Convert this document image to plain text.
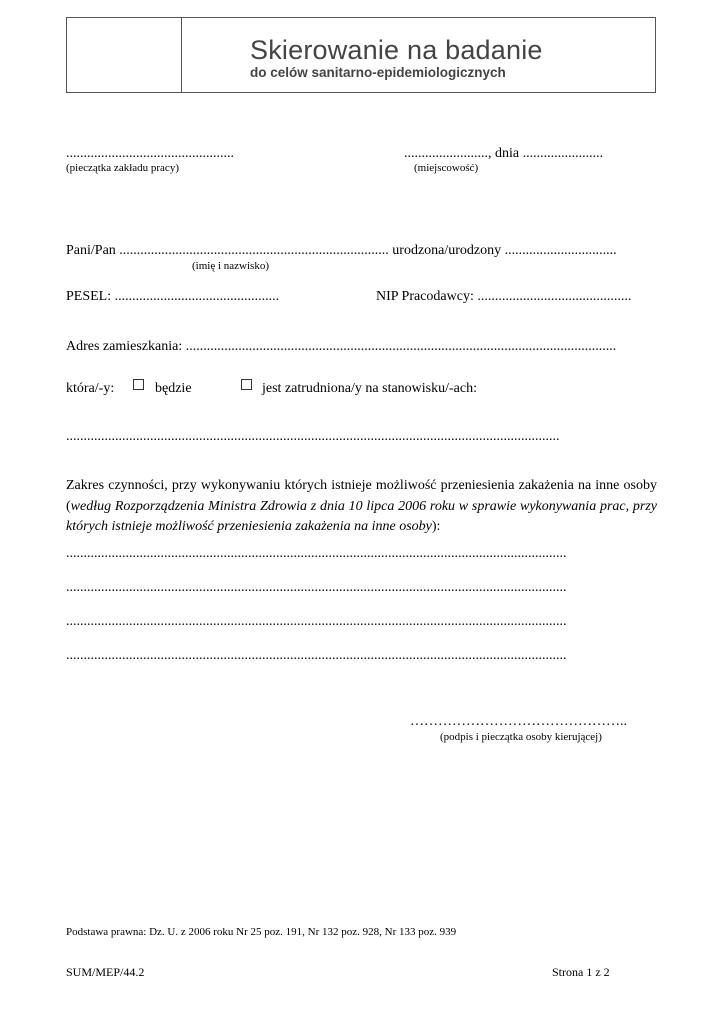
Skierowanie na badanie
do celów sanitarno-epidemiologicznych
................................................
(pieczątka zakładu pracy)
........................, dnia .......................
(miejscowość)
Pani/Pan ............................................................................. urodzona/urodzony ................................
(imię i nazwisko)
PESEL: ...............................................	NIP Pracodawcy: ............................................
Adres zamieszkania: ...........................................................................................................................
która/-y:	będzie	jest zatrudniona/y na stanowisku/-ach:
.............................................................................................................................................
Zakres czynności, przy wykonywaniu których istnieje możliwość przeniesienia zakażenia na inne osoby (według Rozporządzenia Ministra Zdrowia z dnia 10 lipca 2006 roku w sprawie wykonywania prac, przy których istnieje możliwość przeniesienia zakażenia na inne osoby):
...............................................................................................................................................
...............................................................................................................................................
...............................................................................................................................................
...............................................................................................................................................
………………………………………..
(podpis i pieczątka osoby kierującej)
Podstawa prawna: Dz. U. z 2006 roku Nr 25 poz. 191, Nr 132 poz. 928, Nr 133 poz. 939
SUM/MEP/44.2	Strona 1 z 2
